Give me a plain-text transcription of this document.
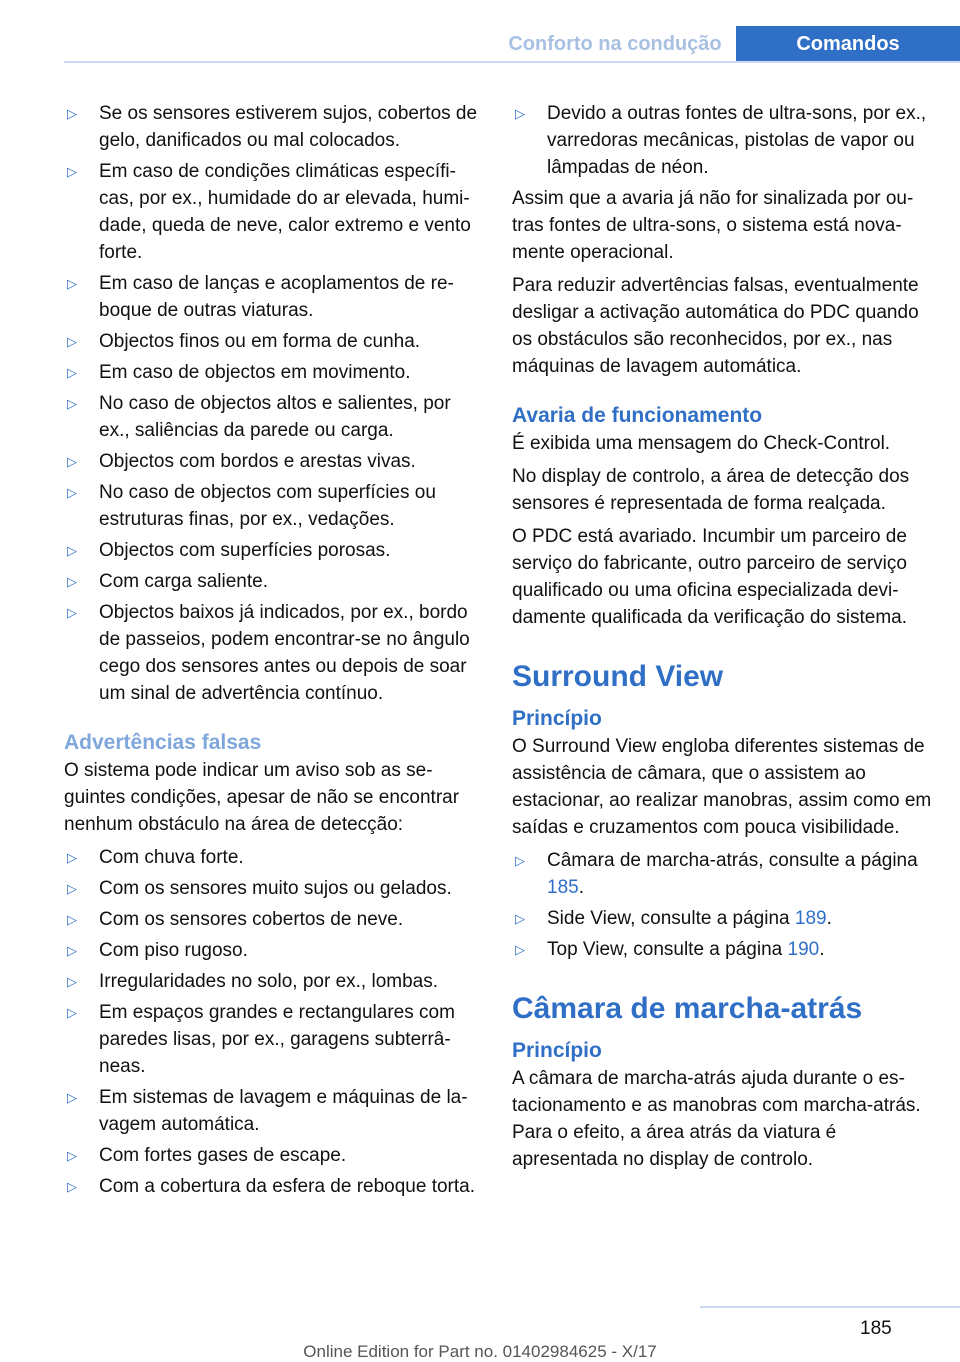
Conforto na condução	Comandos
▷ Se os sensores estiverem sujos, cobertos de gelo, danificados ou mal colocados.
▷ Em caso de condições climáticas específicas, por ex., humidade do ar elevada, humidade, queda de neve, calor extremo e vento forte.
▷ Em caso de lanças e acoplamentos de reboque de outras viaturas.
▷ Objectos finos ou em forma de cunha.
▷ Em caso de objectos em movimento.
▷ No caso de objectos altos e salientes, por ex., saliências da parede ou carga.
▷ Objectos com bordos e arestas vivas.
▷ No caso de objectos com superfícies ou estruturas finas, por ex., vedações.
▷ Objectos com superfícies porosas.
▷ Com carga saliente.
▷ Objectos baixos já indicados, por ex., bordo de passeios, podem encontrar-se no ângulo cego dos sensores antes ou depois de soar um sinal de advertência contínuo.
Advertências falsas

O sistema pode indicar um aviso sob as seguintes condições, apesar de não se encontrar nenhum obstáculo na área de detecção:

▷ Com chuva forte.
▷ Com os sensores muito sujos ou gelados.
▷ Com os sensores cobertos de neve.
▷ Com piso rugoso.
▷ Irregularidades no solo, por ex., lombas.
▷ Em espaços grandes e rectangulares com paredes lisas, por ex., garagens subterrâneas.
▷ Em sistemas de lavagem e máquinas de lavagem automática.
▷ Com fortes gases de escape.
▷ Com a cobertura da esfera de reboque torta.
▷ Devido a outras fontes de ultra-sons, por ex., varredoras mecânicas, pistolas de vapor ou lâmpadas de néon.

Assim que a avaria já não for sinalizada por outras fontes de ultra-sons, o sistema está novamente operacional.

Para reduzir advertências falsas, eventualmente desligar a activação automática do PDC quando os obstáculos são reconhecidos, por ex., nas máquinas de lavagem automática.

Avaria de funcionamento

É exibida uma mensagem do Check-Control.

No display de controlo, a área de detecção dos sensores é representada de forma realçada.

O PDC está avariado. Incumbir um parceiro de serviço do fabricante, outro parceiro de serviço qualificado ou uma oficina especializada devidamente qualificada da verificação do sistema.

Surround View
Princípio

O Surround View engloba diferentes sistemas de assistência de câmara, que o assistem ao estacionar, ao realizar manobras, assim como em saídas e cruzamentos com pouca visibilidade.

▷ Câmara de marcha-atrás, consulte a página 185.
▷ Side View, consulte a página 189.
▷ Top View, consulte a página 190.
Câmara de marcha-atrás
Princípio

A câmara de marcha-atrás ajuda durante o estacionamento e as manobras com marcha-atrás. Para o efeito, a área atrás da viatura é apresentada no display de controlo.

185
Online Edition for Part no. 01402984625 - X/17
